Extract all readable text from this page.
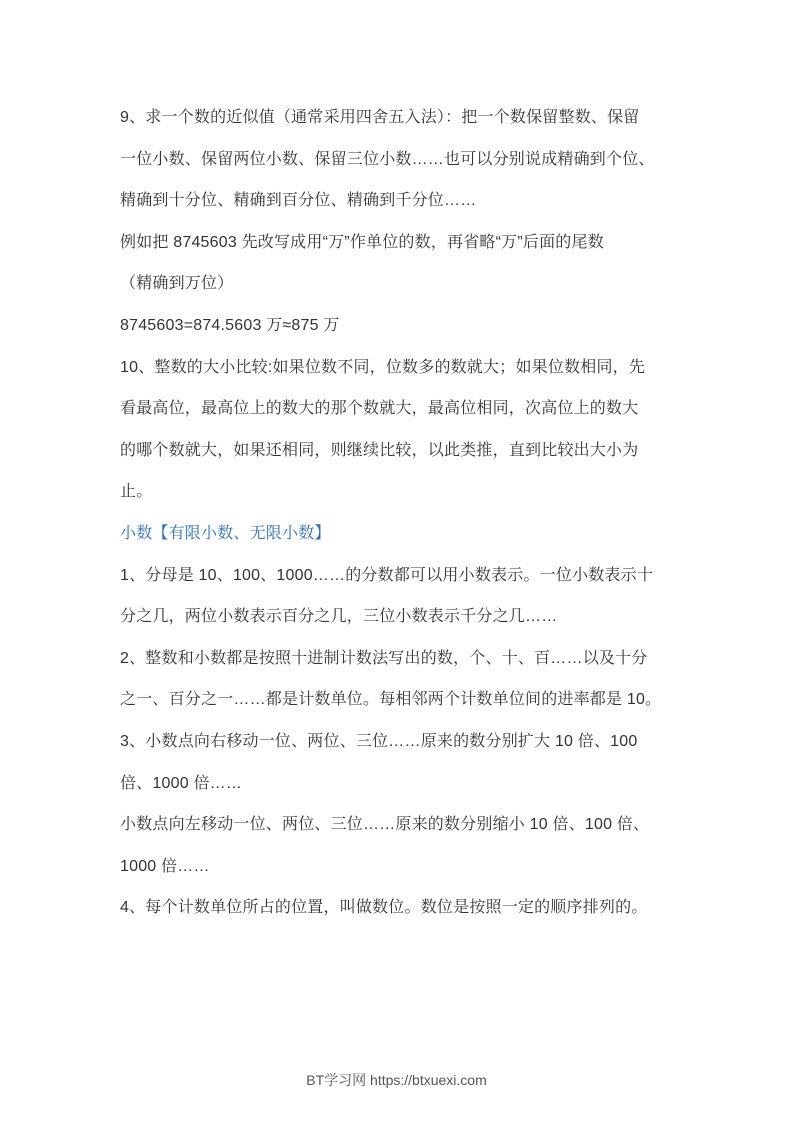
9、求一个数的近似值（通常采用四舍五入法）：把一个数保留整数、保留
一位小数、保留两位小数、保留三位小数……也可以分别说成精确到个位、
精确到十分位、精确到百分位、精确到千分位……
例如把 8745603 先改写成用“万”作单位的数，再省略“万”后面的尾数
（精确到万位）
8745603=874.5603 万≈875 万
10、整数的大小比较:如果位数不同，位数多的数就大；如果位数相同，先
看最高位，最高位上的数大的那个数就大，最高位相同，次高位上的数大
的哪个数就大，如果还相同，则继续比较，以此类推，直到比较出大小为
止。
小数【有限小数、无限小数】
1、分母是 10、100、1000……的分数都可以用小数表示。一位小数表示十
分之几，两位小数表示百分之几，三位小数表示千分之几……
2、整数和小数都是按照十进制计数法写出的数，个、十、百……以及十分
之一、百分之一……都是计数单位。每相邻两个计数单位间的进率都是 10。
3、小数点向右移动一位、两位、三位……原来的数分别扩大 10 倍、100
倍、1000 倍……
小数点向左移动一位、两位、三位……原来的数分别缩小 10 倍、100 倍、
1000 倍……
4、每个计数单位所占的位置，叫做数位。数位是按照一定的顺序排列的。
BT学习网 https://btxuexi.com
